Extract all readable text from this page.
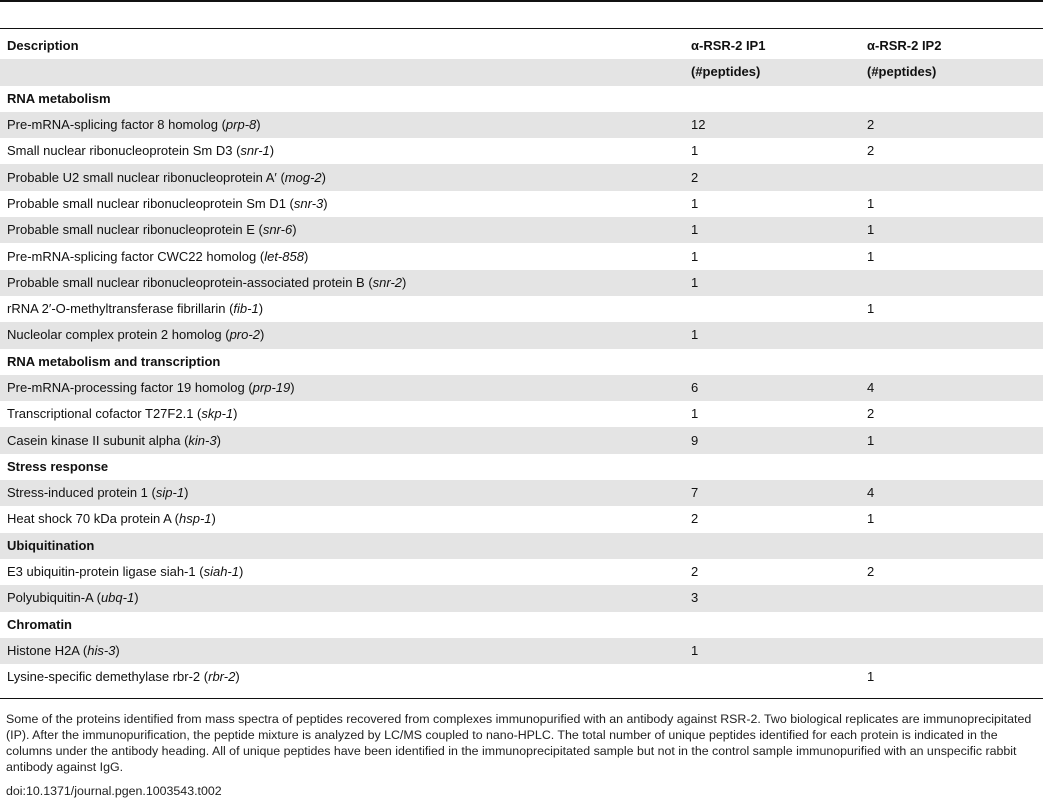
Description	α-RSR-2 IP1	α-RSR-2 IP2
	(#peptides)	(#peptides)
RNA metabolism		
Pre-mRNA-splicing factor 8 homolog (prp-8)	12	2
Small nuclear ribonucleoprotein Sm D3 (snr-1)	1	2
Probable U2 small nuclear ribonucleoprotein A′ (mog-2)	2	
Probable small nuclear ribonucleoprotein Sm D1 (snr-3)	1	1
Probable small nuclear ribonucleoprotein E (snr-6)	1	1
Pre-mRNA-splicing factor CWC22 homolog (let-858)	1	1
Probable small nuclear ribonucleoprotein-associated protein B (snr-2)	1	
rRNA 2′-O-methyltransferase fibrillarin (fib-1)		1
Nucleolar complex protein 2 homolog (pro-2)	1	
RNA metabolism and transcription		
Pre-mRNA-processing factor 19 homolog (prp-19)	6	4
Transcriptional cofactor T27F2.1 (skp-1)	1	2
Casein kinase II subunit alpha (kin-3)	9	1
Stress response		
Stress-induced protein 1 (sip-1)	7	4
Heat shock 70 kDa protein A (hsp-1)	2	1
Ubiquitination		
E3 ubiquitin-protein ligase siah-1 (siah-1)	2	2
Polyubiquitin-A (ubq-1)	3	
Chromatin		
Histone H2A (his-3)	1	
Lysine-specific demethylase rbr-2 (rbr-2)		1
Some of the proteins identified from mass spectra of peptides recovered from complexes immunopurified with an antibody against RSR-2. Two biological replicates are immunoprecipitated (IP). After the immunopurification, the peptide mixture is analyzed by LC/MS coupled to nano-HPLC. The total number of unique peptides identified for each protein is indicated in the columns under the antibody heading. All of unique peptides have been identified in the immunoprecipitated sample but not in the control sample immunopurified with an unspecific rabbit antibody against IgG.
doi:10.1371/journal.pgen.1003543.t002
